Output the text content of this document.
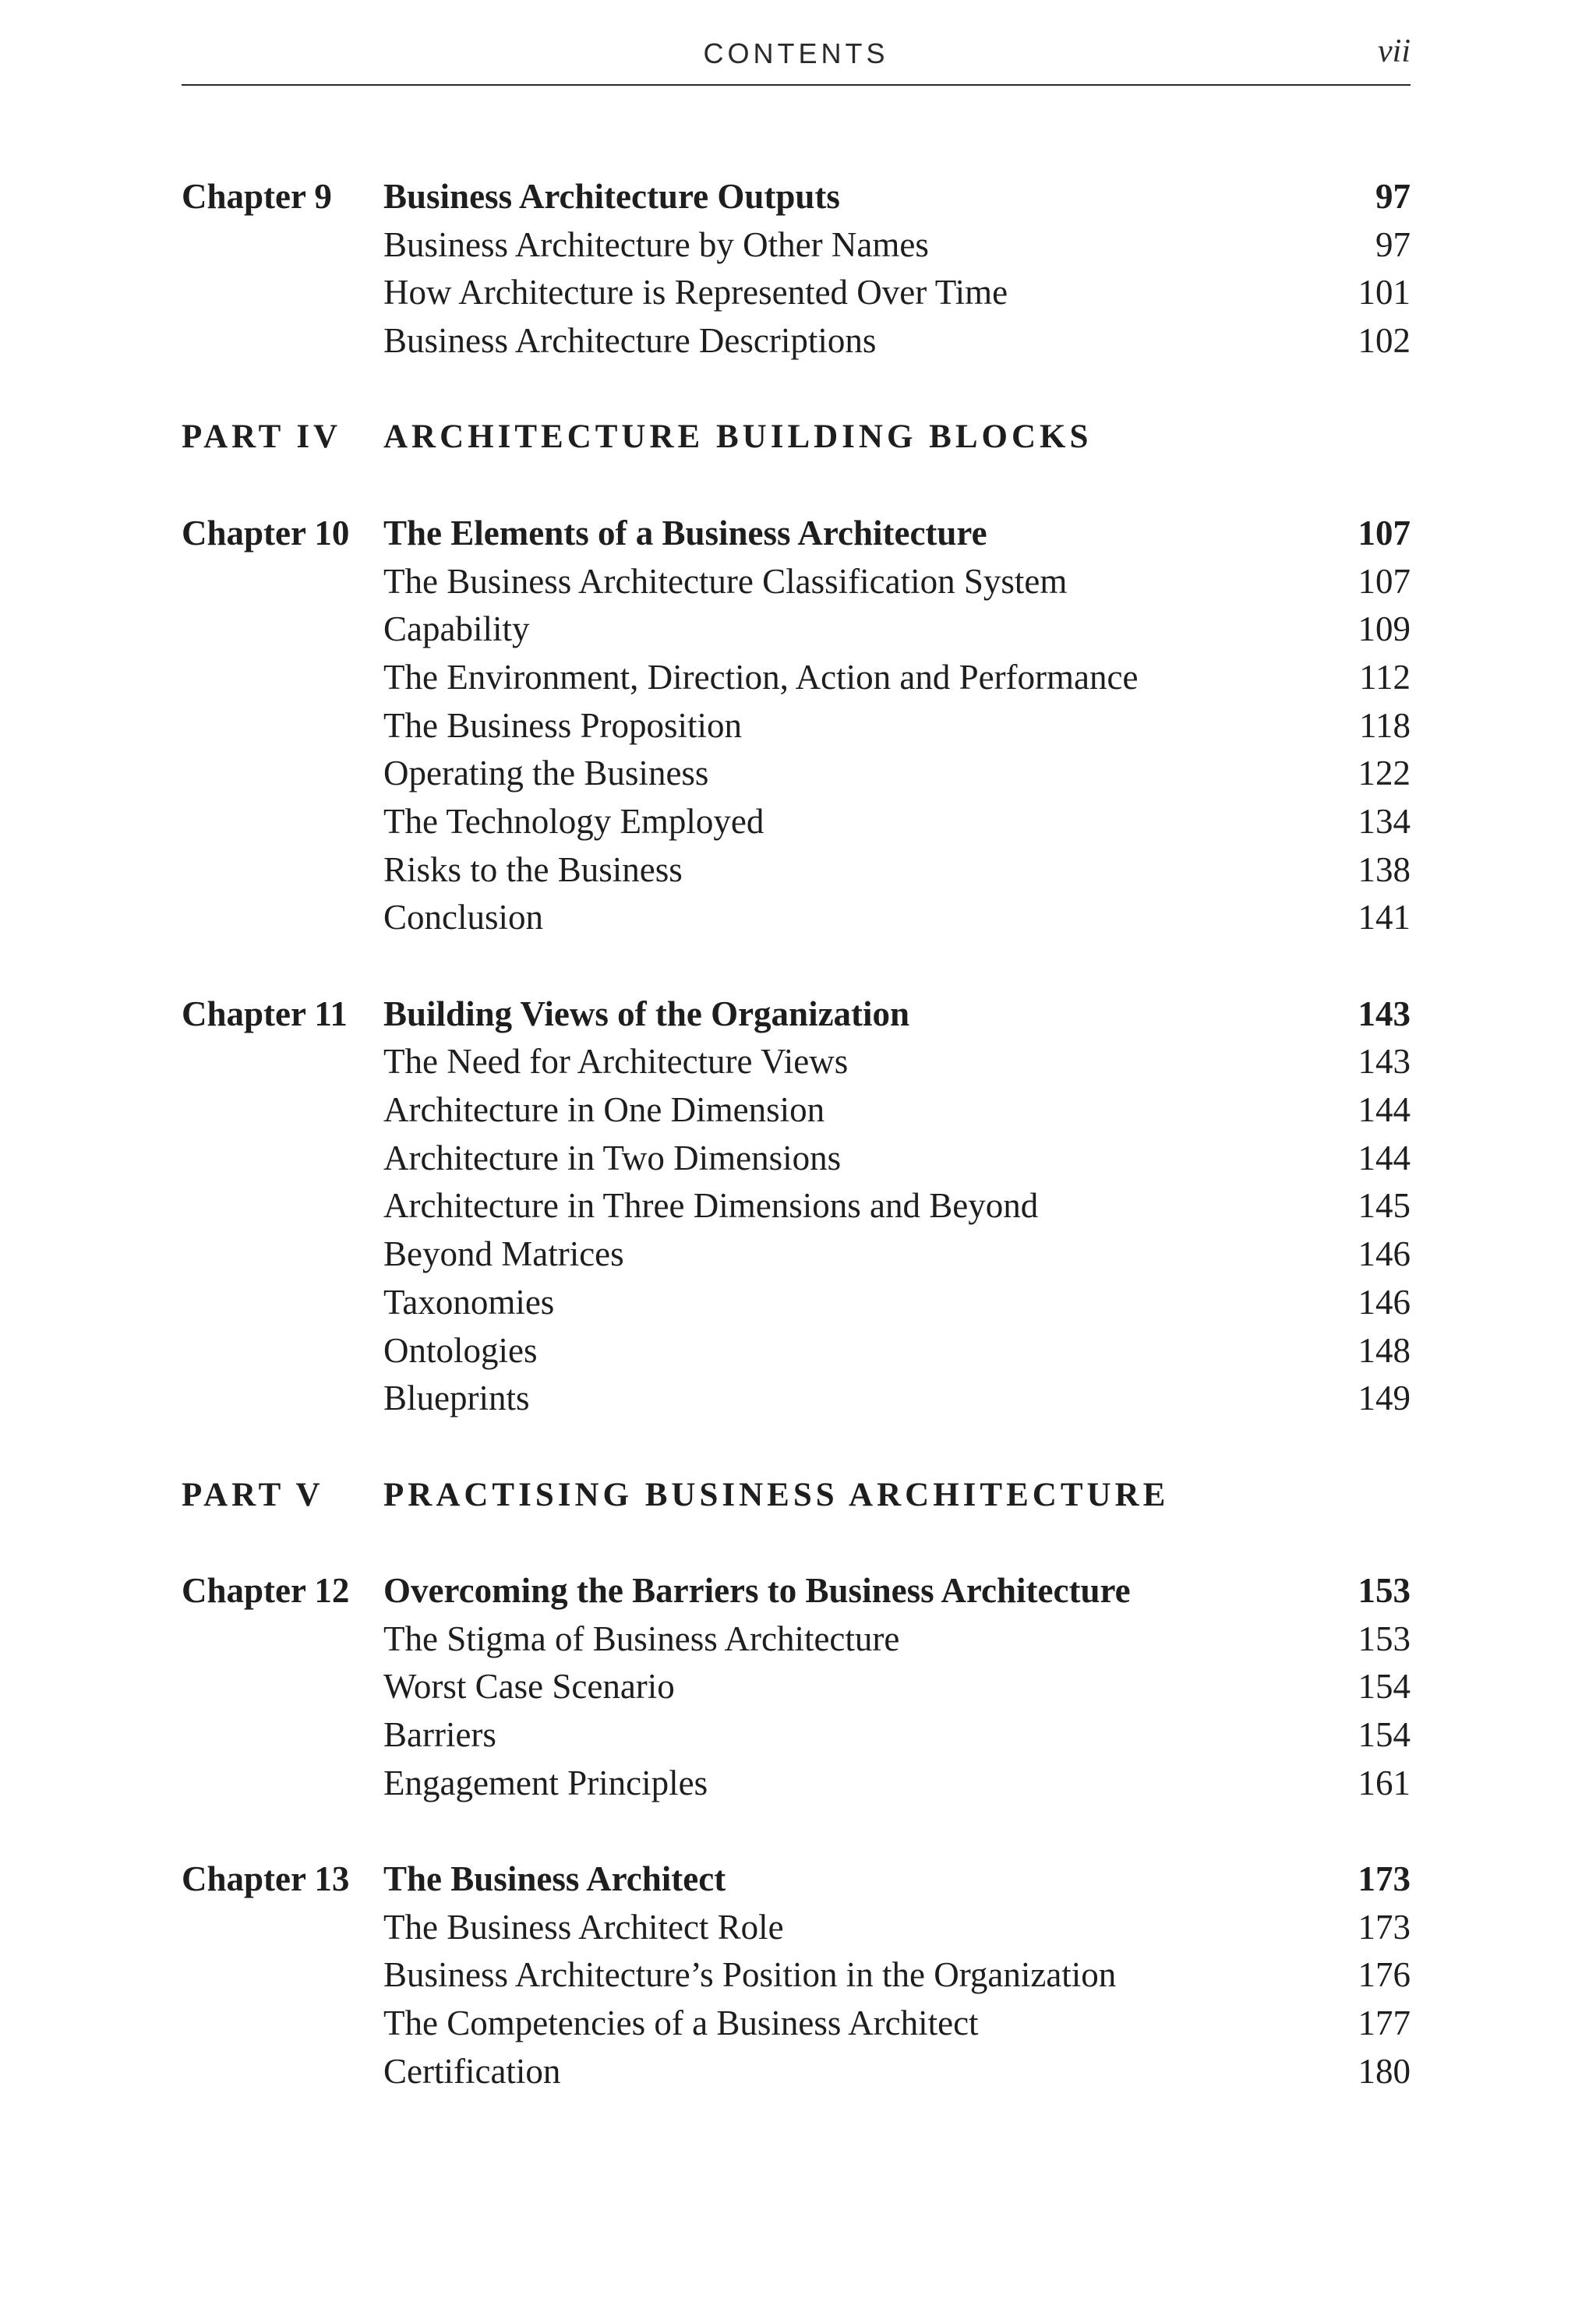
CONTENTS	vii
Chapter 9 Business Architecture Outputs	97
Business Architecture by Other Names	97
How Architecture is Represented Over Time	101
Business Architecture Descriptions	102
PART IV ARCHITECTURE BUILDING BLOCKS
Chapter 10 The Elements of a Business Architecture	107
The Business Architecture Classification System	107
Capability	109
The Environment, Direction, Action and Performance	112
The Business Proposition	118
Operating the Business	122
The Technology Employed	134
Risks to the Business	138
Conclusion	141
Chapter 11 Building Views of the Organization	143
The Need for Architecture Views	143
Architecture in One Dimension	144
Architecture in Two Dimensions	144
Architecture in Three Dimensions and Beyond	145
Beyond Matrices	146
Taxonomies	146
Ontologies	148
Blueprints	149
PART V PRACTISING BUSINESS ARCHITECTURE
Chapter 12 Overcoming the Barriers to Business Architecture	153
The Stigma of Business Architecture	153
Worst Case Scenario	154
Barriers	154
Engagement Principles	161
Chapter 13 The Business Architect	173
The Business Architect Role	173
Business Architecture’s Position in the Organization	176
The Competencies of a Business Architect	177
Certification	180
